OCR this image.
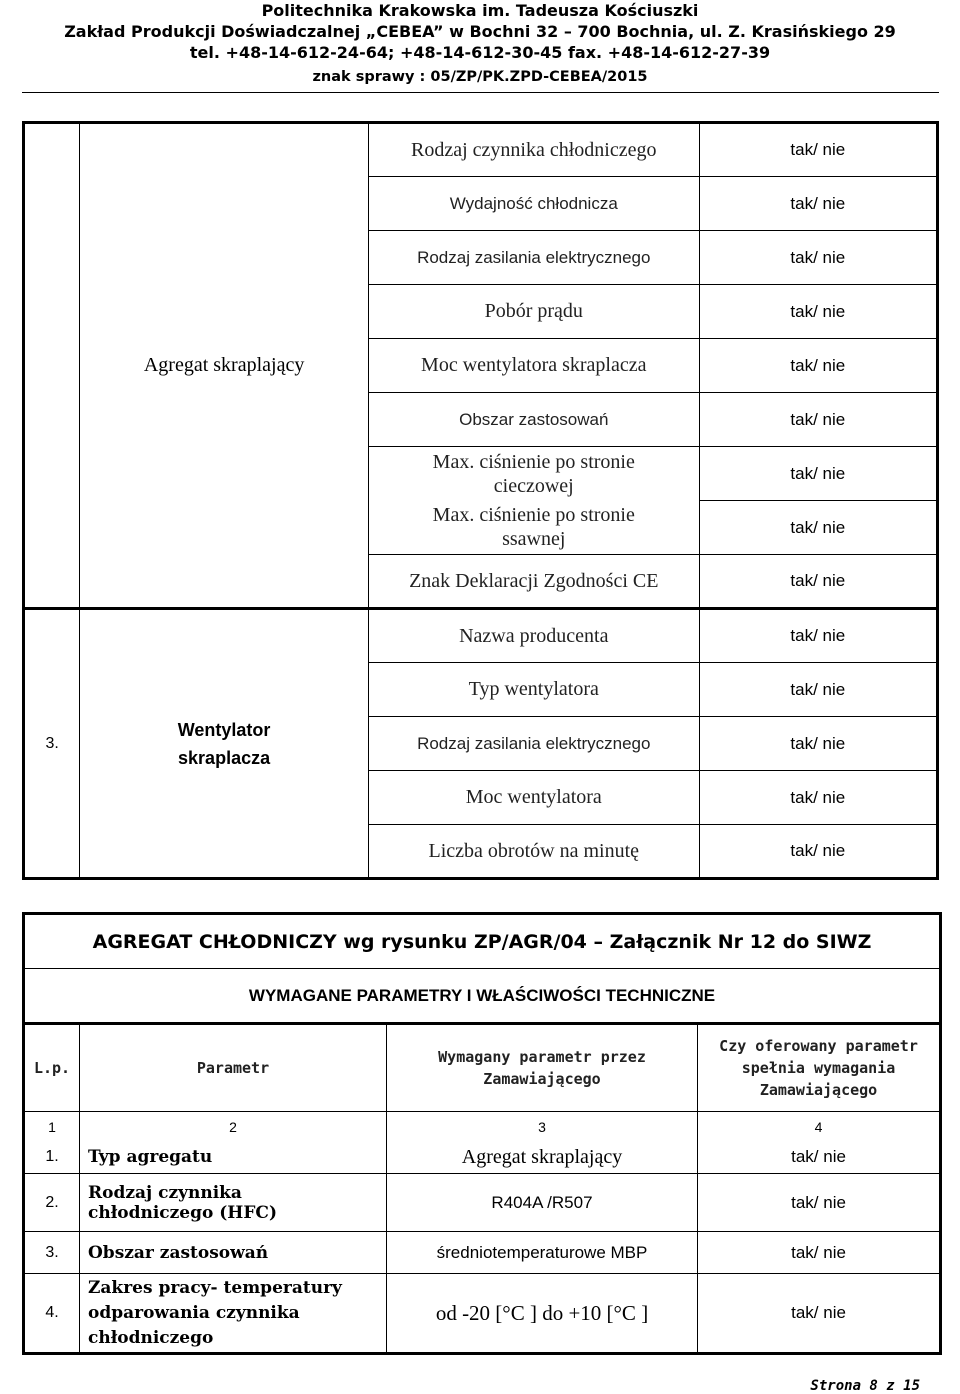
Politechnika Krakowska im. Tadeusza Kościuszki
Zakład Produkcji Doświadczalnej „CEBEA” w Bochni 32 – 700 Bochnia, ul. Z. Krasińskiego 29
tel. +48-14-612-24-64; +48-14-612-30-45 fax. +48-14-612-27-39
znak sprawy : 05/ZP/PK.ZPD-CEBEA/2015
	Agregat skraplający	Rodzaj czynnika chłodniczego	tak/ nie
		Wydajność chłodnicza	tak/ nie
		Rodzaj zasilania elektrycznego	tak/ nie
		Pobór prądu	tak/ nie
		Moc wentylatora skraplacza	tak/ nie
		Obszar zastosowań	tak/ nie

		Max. ciśnienie po stronie cieczowej	tak/ nie

		Max. ciśnienie po stronie ssawnej	tak/ nie
		Znak Deklaracji Zgodności CE	tak/ nie
3.	Wentylator skraplacza	Nazwa producenta	tak/ nie
		Typ wentylatora	tak/ nie
		Rodzaj zasilania elektrycznego	tak/ nie
		Moc wentylatora	tak/ nie
		Liczba obrotów na minutę	tak/ nie
AGREGAT CHŁODNICZY wg rysunku ZP/AGR/04 – Załącznik Nr 12 do SIWZ			
WYMAGANE PARAMETRY I WŁAŚCIWOŚCI TECHNICZNE			
L.p.	Parametr	Wymagany parametr przez Zamawiającego	Czy oferowany parametr spełnia wymagania Zamawiającego

1	2	3	4
1.	Typ agregatu	Agregat skraplający	tak/ nie
2.	Rodzaj czynnika chłodniczego (HFC)	R404A /R507	tak/ nie
3.	Obszar zastosowań	średniotemperaturowe MBP	tak/ nie
4.	Zakres pracy- temperatury odparowania czynnika chłodniczego	od -20 [°C ] do +10 [°C ]	tak/ nie
Strona 8 z 15
